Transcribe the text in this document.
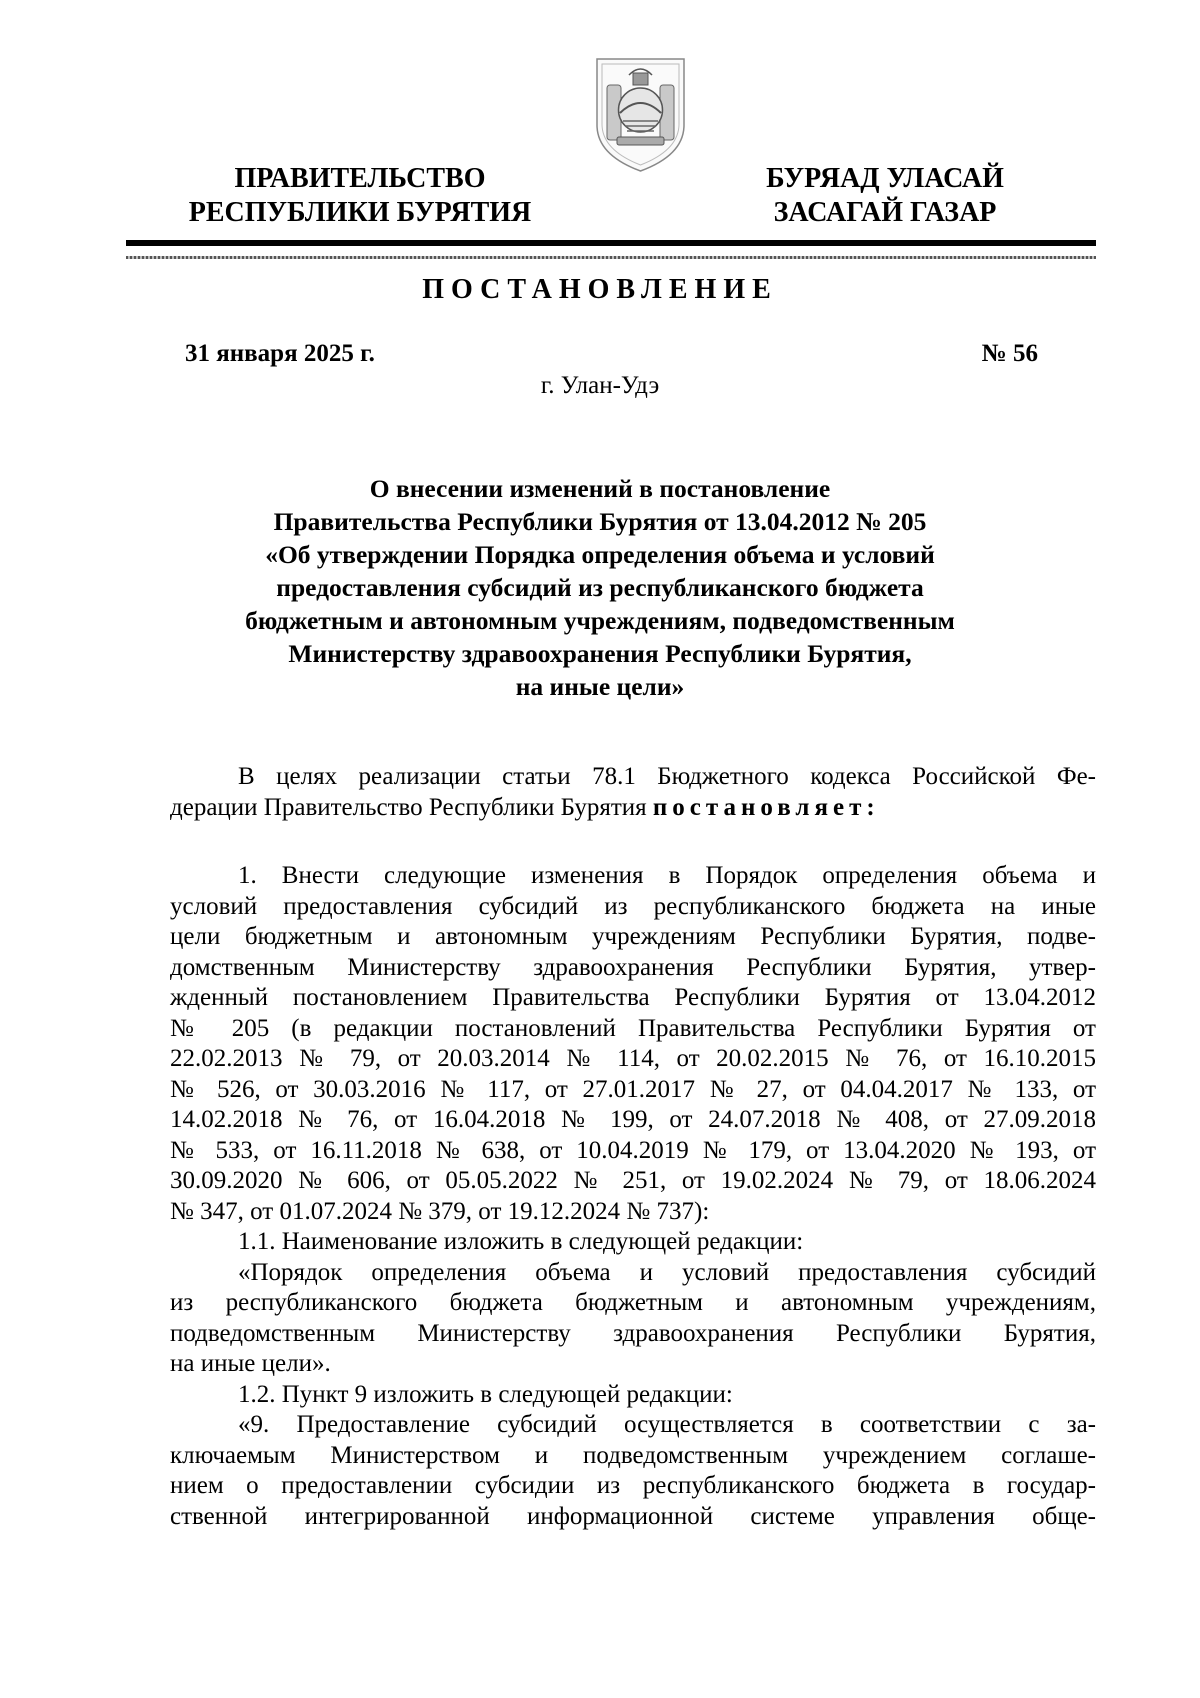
ПРАВИТЕЛЬСТВО
РЕСПУБЛИКИ БУРЯТИЯ
БУРЯАД УЛАСАЙ
ЗАСАГАЙ ГАЗАР
ПОСТАНОВЛЕНИЕ
31 января 2025 г.	№ 56
г. Улан-Удэ
О внесении изменений в постановление
Правительства Республики Бурятия от 13.04.2012 № 205
«Об утверждении Порядка определения объема и условий
предоставления субсидий из республиканского бюджета
бюджетным и автономным учреждениям, подведомственным
Министерству здравоохранения Республики Бурятия,
на иные цели»

В целях реализации статьи 78.1 Бюджетного кодекса Российской Фе-
дерации Правительство Республики Бурятия постановляет:

1. Внести следующие изменения в Порядок определения объема и
условий предоставления субсидий из республиканского бюджета на иные
цели бюджетным и автономным учреждениям Республики Бурятия, подве-
домственным Министерству здравоохранения Республики Бурятия, утвер-
жденный постановлением Правительства Республики Бурятия от 13.04.2012
№ 205 (в редакции постановлений Правительства Республики Бурятия от
22.02.2013 № 79, от 20.03.2014 № 114, от 20.02.2015 № 76, от 16.10.2015
№ 526, от 30.03.2016 № 117, от 27.01.2017 № 27, от 04.04.2017 № 133, от
14.02.2018 № 76, от 16.04.2018 № 199, от 24.07.2018 № 408, от 27.09.2018
№ 533, от 16.11.2018 № 638, от 10.04.2019 № 179, от 13.04.2020 № 193, от
30.09.2020 № 606, от 05.05.2022 № 251, от 19.02.2024 № 79, от 18.06.2024
№ 347, от 01.07.2024 № 379, от 19.12.2024 № 737):

1.1. Наименование изложить в следующей редакции:

«Порядок определения объема и условий предоставления субсидий
из республиканского бюджета бюджетным и автономным учреждениям,
подведомственным Министерству здравоохранения Республики Бурятия,
на иные цели».

1.2. Пункт 9 изложить в следующей редакции:

«9. Предоставление субсидий осуществляется в соответствии с за-
ключаемым Министерством и подведомственным учреждением соглаше-
нием о предоставлении субсидии из республиканского бюджета в государ-
ственной интегрированной информационной системе управления обще-
